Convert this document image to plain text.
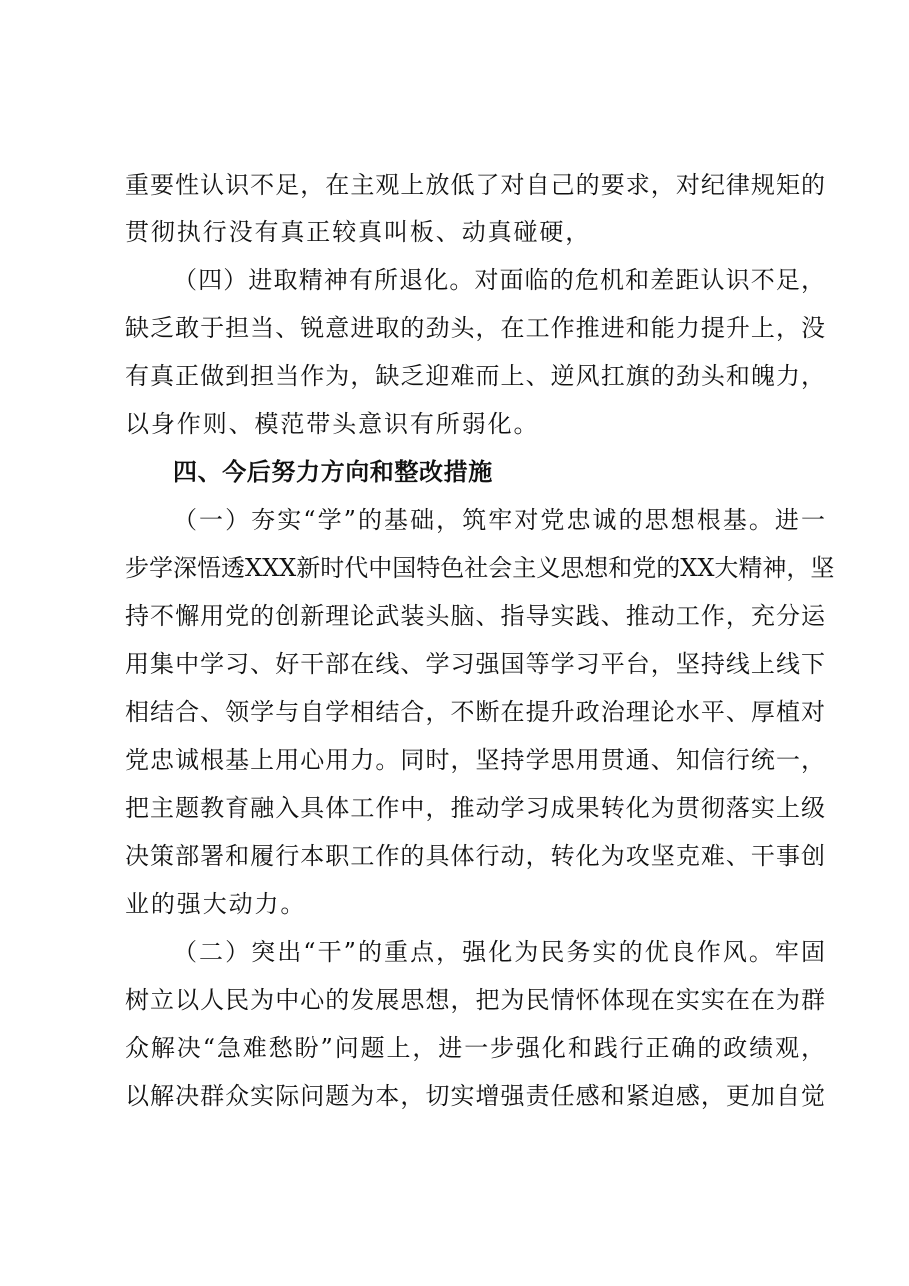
重要性认识不足，在主观上放低了对自己的要求，对纪律规矩的
贯彻执行没有真正较真叫板、动真碰硬，
（四）进取精神有所退化。对面临的危机和差距认识不足，
缺乏敢于担当、锐意进取的劲头，在工作推进和能力提升上，没
有真正做到担当作为，缺乏迎难而上、逆风扛旗的劲头和魄力，
以身作则、模范带头意识有所弱化。
四、今后努力方向和整改措施
（一）夯实“学”的基础，筑牢对党忠诚的思想根基。进一
步学深悟透XXX新时代中国特色社会主义思想和党的XX大精神，坚
持不懈用党的创新理论武装头脑、指导实践、推动工作，充分运
用集中学习、好干部在线、学习强国等学习平台，坚持线上线下
相结合、领学与自学相结合，不断在提升政治理论水平、厚植对
党忠诚根基上用心用力。同时，坚持学思用贯通、知信行统一，
把主题教育融入具体工作中，推动学习成果转化为贯彻落实上级
决策部署和履行本职工作的具体行动，转化为攻坚克难、干事创
业的强大动力。
（二）突出“干”的重点，强化为民务实的优良作风。牢固
树立以人民为中心的发展思想，把为民情怀体现在实实在在为群
众解决“急难愁盼”问题上，进一步强化和践行正确的政绩观，
以解决群众实际问题为本，切实增强责任感和紧迫感，更加自觉
